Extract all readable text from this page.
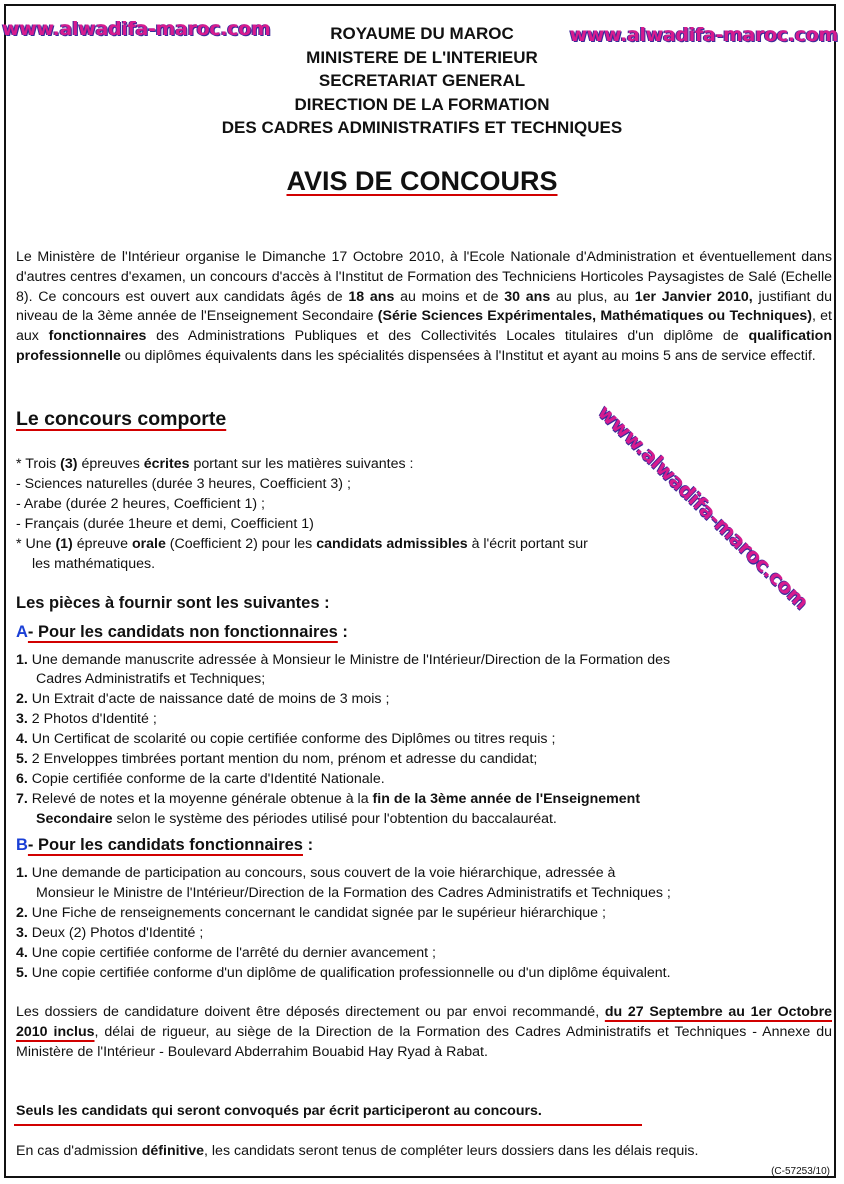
www.alwadifa-maroc.com	www.alwadifa-maroc.com
www.alwadifa-maroc.com
ROYAUME DU MAROC
MINISTERE DE L'INTERIEUR
SECRETARIAT GENERAL
DIRECTION DE LA FORMATION
DES CADRES ADMINISTRATIFS ET TECHNIQUES
AVIS DE CONCOURS
Le Ministère de l'Intérieur organise le Dimanche 17 Octobre 2010, à l'Ecole Nationale d'Administration et éventuellement dans d'autres centres d'examen, un concours d'accès à l'Institut de Formation des Techniciens Horticoles Paysagistes de Salé (Echelle 8). Ce concours est ouvert aux candidats âgés de 18 ans au moins et de 30 ans au plus, au 1er Janvier 2010, justifiant du niveau de la 3ème année de l'Enseignement Secondaire (Série Sciences Expérimentales, Mathématiques ou Techniques), et aux fonctionnaires des Administrations Publiques et des Collectivités Locales titulaires d'un diplôme de qualification professionnelle ou diplômes équivalents dans les spécialités dispensées à l'Institut et ayant au moins 5 ans de service effectif.
Le concours comporte
* Trois (3) épreuves écrites portant sur les matières suivantes :
- Sciences naturelles (durée 3 heures, Coefficient 3) ;
- Arabe (durée 2 heures, Coefficient 1) ;
- Français (durée 1heure et demi, Coefficient 1)
* Une (1) épreuve orale (Coefficient 2) pour les candidats admissibles à l'écrit portant sur
les mathématiques.
Les pièces à fournir sont les suivantes :
A- Pour les candidats non fonctionnaires :
1. Une demande manuscrite adressée à Monsieur le Ministre de l'Intérieur/Direction de la Formation des
Cadres Administratifs et Techniques;
2. Un Extrait d'acte de naissance daté de moins de 3 mois ;
3. 2 Photos d'Identité ;
4. Un Certificat de scolarité ou copie certifiée conforme des Diplômes ou titres requis ;
5. 2 Enveloppes timbrées portant mention du nom, prénom et adresse du candidat;
6. Copie certifiée conforme de la carte d'Identité Nationale.
7. Relevé de notes et la moyenne générale obtenue à la fin de la 3ème année de l'Enseignement
Secondaire selon le système des périodes utilisé pour l'obtention du baccalauréat.
B- Pour les candidats fonctionnaires :
1. Une demande de participation au concours, sous couvert de la voie hiérarchique, adressée à
Monsieur le Ministre de l'Intérieur/Direction de la Formation des Cadres Administratifs et Techniques ;
2. Une Fiche de renseignements concernant le candidat signée par le supérieur hiérarchique ;
3. Deux (2) Photos d'Identité ;
4. Une copie certifiée conforme de l'arrêté du dernier avancement ;
5. Une copie certifiée conforme d'un diplôme de qualification professionnelle ou d'un diplôme équivalent.
Les dossiers de candidature doivent être déposés directement ou par envoi recommandé, du 27 Septembre au 1er Octobre 2010 inclus, délai de rigueur, au siège de la Direction de la Formation des Cadres Administratifs et Techniques - Annexe du Ministère de l'Intérieur - Boulevard Abderrahim Bouabid Hay Ryad à Rabat.
Seuls les candidats qui seront convoqués par écrit participeront au concours.
En cas d'admission définitive, les candidats seront tenus de compléter leurs dossiers dans les délais requis.
(C-57253/10)
